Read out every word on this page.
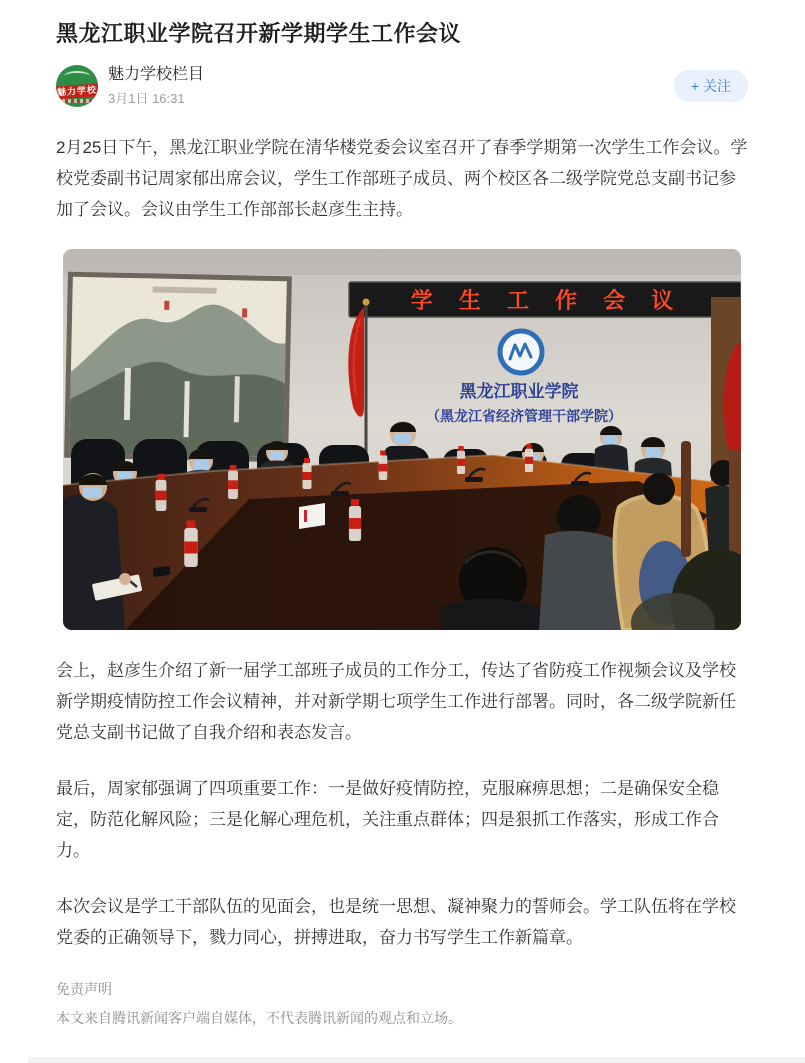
黑龙江职业学院召开新学期学生工作会议
魅力学校
魅力学校栏目
3月1日 16:31
+ 关注

2月25日下午，黑龙江职业学院在清华楼党委会议室召开了春季学期第一次学生工作会议。学校党委副书记周家郁出席会议，学生工作部班子成员、两个校区各二级学院党总支副书记参加了会议。会议由学生工作部部长赵彦生主持。

学 生 工 作 会 议
黑龙江职业学院
（黑龙江省经济管理干部学院）

会上，赵彦生介绍了新一届学工部班子成员的工作分工，传达了省防疫工作视频会议及学校新学期疫情防控工作会议精神，并对新学期七项学生工作进行部署。同时，各二级学院新任党总支副书记做了自我介绍和表态发言。

最后，周家郁强调了四项重要工作：一是做好疫情防控，克服麻痹思想；二是确保安全稳定，防范化解风险；三是化解心理危机，关注重点群体；四是狠抓工作落实，形成工作合力。

本次会议是学工干部队伍的见面会，也是统一思想、凝神聚力的誓师会。学工队伍将在学校党委的正确领导下，戮力同心，拼搏进取，奋力书写学生工作新篇章。

免责声明
本文来自腾讯新闻客户端自媒体，不代表腾讯新闻的观点和立场。
